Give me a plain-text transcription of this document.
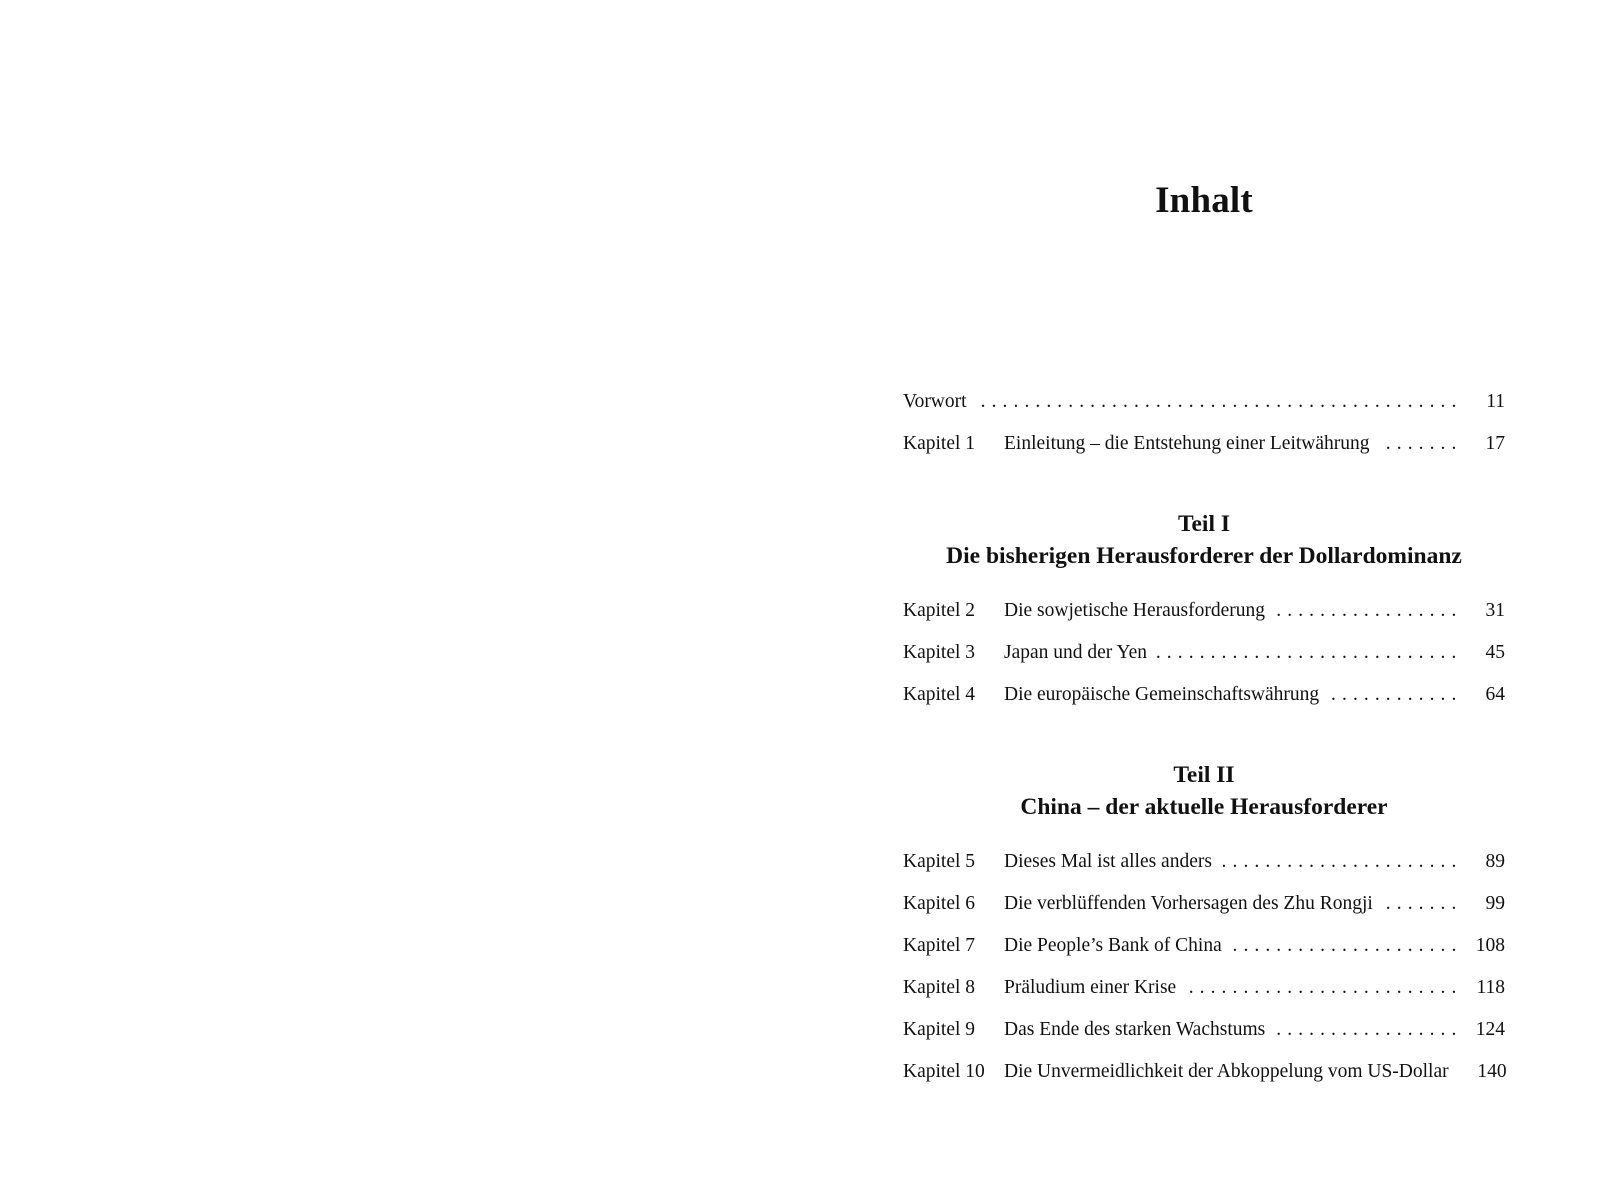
Inhalt
Vorwort . . .	11
Kapitel 1 Einleitung – die Entstehung einer Leitwährung . . .	17
Teil I
Die bisherigen Herausforderer der Dollardominanz
Kapitel 2 Die sowjetische Herausforderung . . .	31
Kapitel 3 Japan und der Yen . . .	45
Kapitel 4 Die europäische Gemeinschaftswährung . . .	64
Teil II
China – der aktuelle Herausforderer
Kapitel 5 Dieses Mal ist alles anders . . .	89
Kapitel 6 Die verblüffenden Vorhersagen des Zhu Rongji . . .	99
Kapitel 7 Die People’s Bank of China . . .	108
Kapitel 8 Präludium einer Krise . . .	118
Kapitel 9 Das Ende des starken Wachstums . . .	124
Kapitel 10 Die Unvermeidlichkeit der Abkoppelung vom US-Dollar	140
